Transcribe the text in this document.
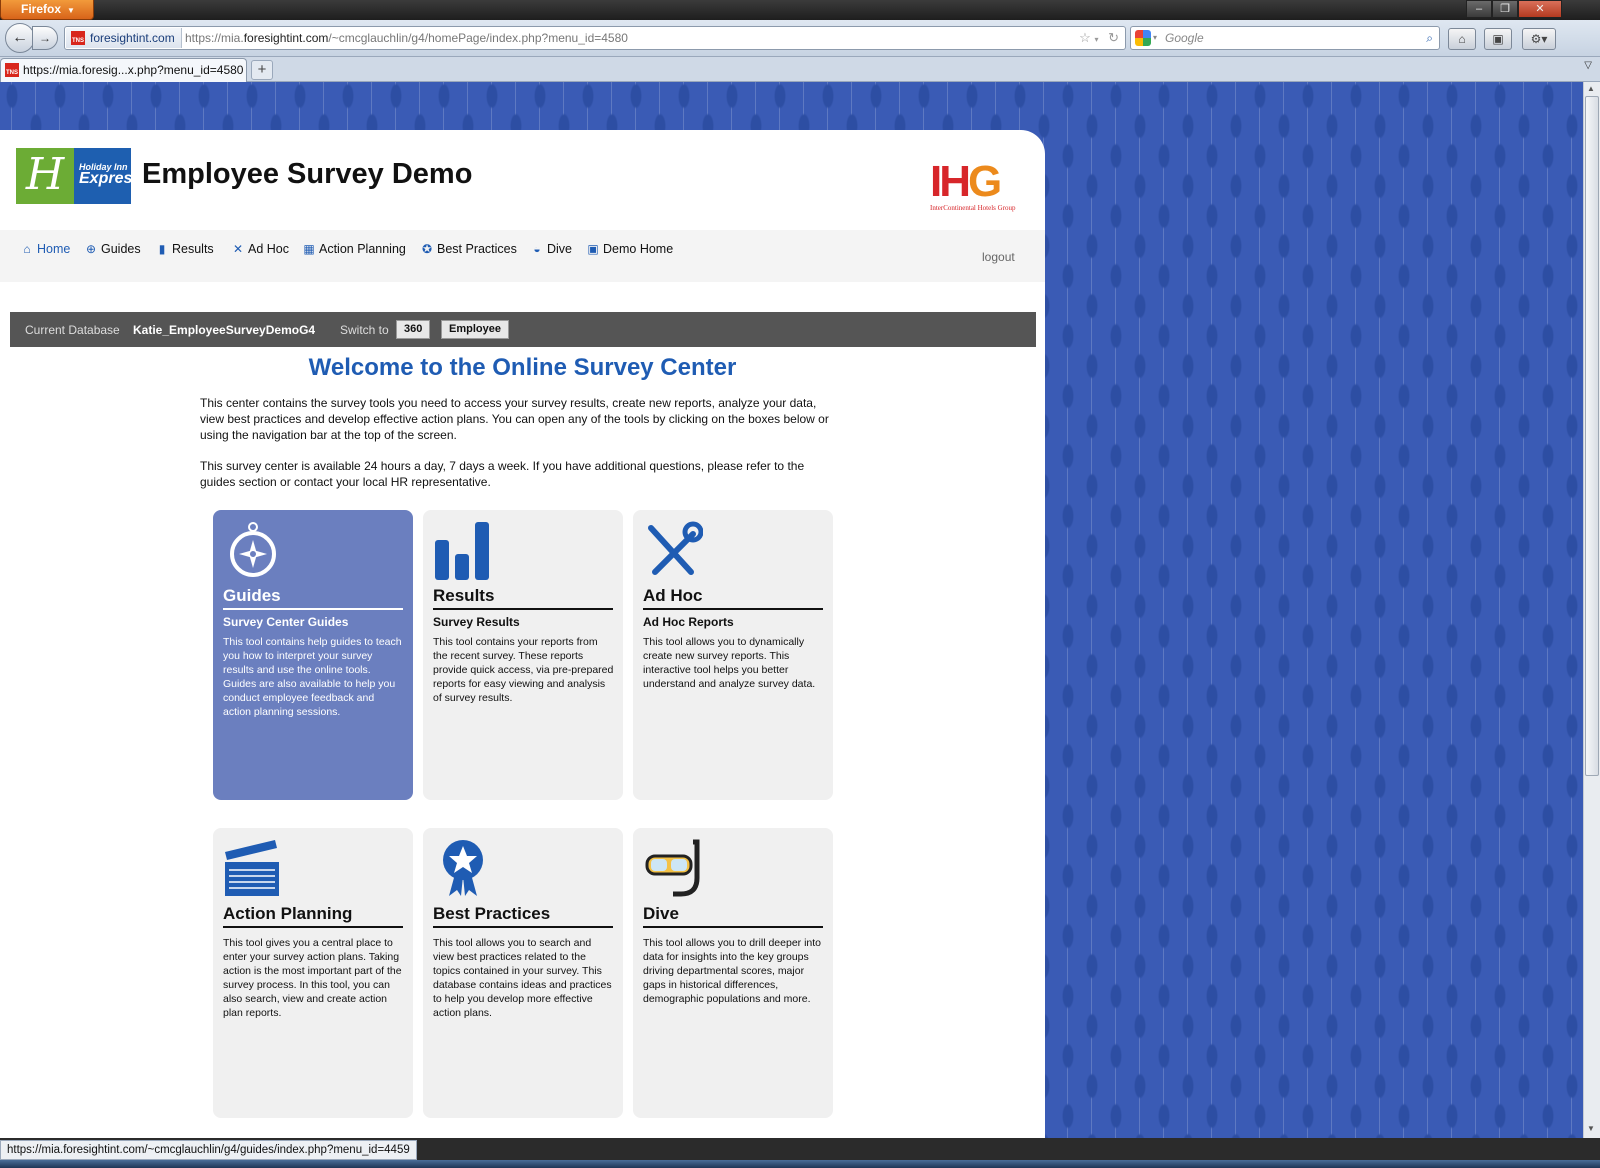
Firefox ▼	–	❐	✕
← →	TNS foresightint.com https://mia.foresightint.com/~cmcglauchlin/g4/homePage/index.php?menu_id=4580	☆ ▾ ↻	▾ Google	⌕	⌂	▣	⚙▾
TNS https://mia.foresig...x.php?menu_id=4580 +	▽
H	Holiday Inn
Express Employee Survey Demo	IHG
InterContinental Hotels Group
⌂ Home ⊕ Guides	▮ Results ✕ Ad Hoc ▦ Action Planning ✪ Best Practices ◒ Dive ▣ Demo Home
logout
Current Database Katie_EmployeeSurveyDemoG4 Switch to	360	Employee
Welcome to the Online Survey Center

This center contains the survey tools you need to access your survey results, create new reports, analyze your data, view best practices and develop effective action plans. You can open any of the tools by clicking on the boxes below or using the navigation bar at the top of the screen.

This survey center is available 24 hours a day, 7 days a week. If you have additional questions, please refer to the guides section or contact your local HR representative.

Guides
Survey Center Guides
This tool contains help guides to teach you how to interpret your survey results and use the online tools. Guides are also available to help you conduct employee feedback and action planning sessions.
Results
Survey Results
This tool contains your reports from the recent survey. These reports provide quick access, via pre-prepared reports for easy viewing and analysis of survey results.
Ad Hoc
Ad Hoc Reports
This tool allows you to dynamically create new survey reports. This interactive tool helps you better understand and analyze survey data.
Action Planning
This tool gives you a central place to enter your survey action plans. Taking action is the most important part of the survey process. In this tool, you can also search, view and create action plan reports.
Best Practices
This tool allows you to search and view best practices related to the topics contained in your survey. This database contains ideas and practices to help you develop more effective action plans.
Dive
This tool allows you to drill deeper into data for insights into the key groups driving departmental scores, major gaps in historical differences, demographic populations and more.
▲
▼
https://mia.foresightint.com/~cmcglauchlin/g4/guides/index.php?menu_id=4459
